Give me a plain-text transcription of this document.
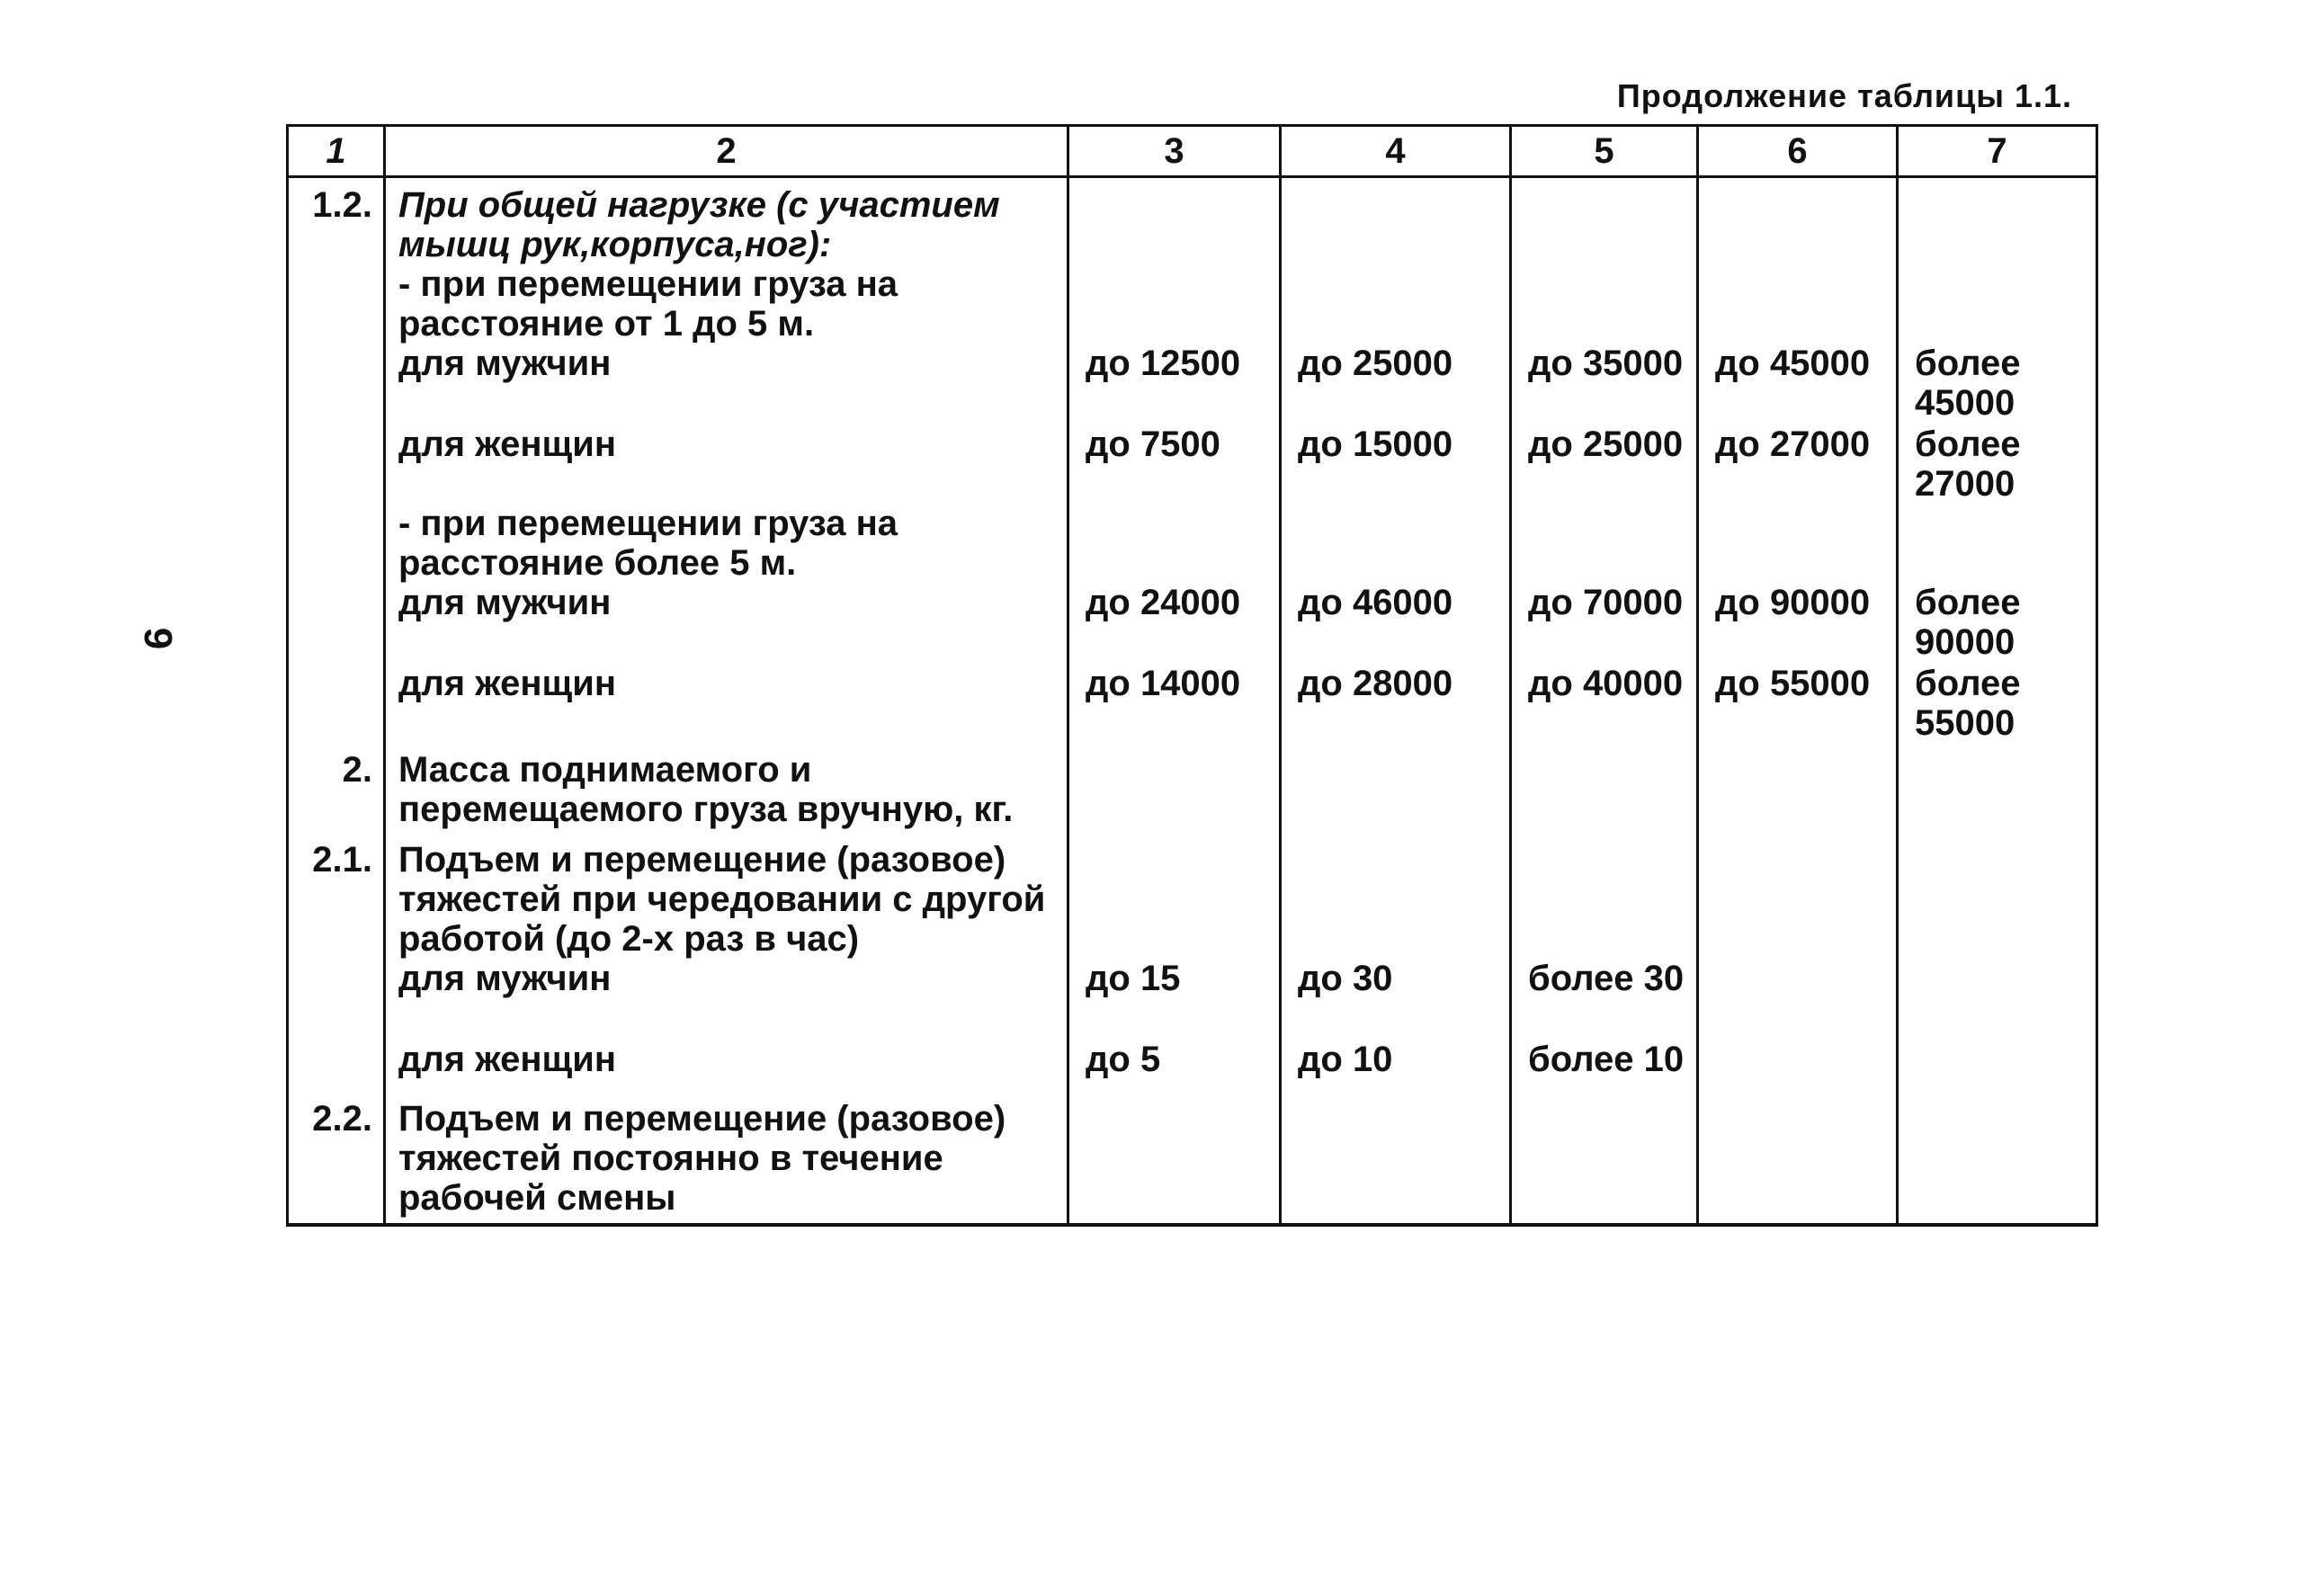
Продолжение таблицы 1.1.
9
1	2	3	4	5	6	7
1.2.	При общей нагрузке (с участием мышц рук,корпуса,ног):					
	- при перемещении груза на расстояние от 1 до 5 м.					
	для мужчин	до 12500	до 25000	до 35000	до 45000	более 45000
	для женщин	до 7500	до 15000	до 25000	до 27000	более 27000
	- при перемещении груза на расстояние более 5 м.					
	для мужчин	до 24000	до 46000	до 70000	до 90000	более 90000
	для женщин	до 14000	до 28000	до 40000	до 55000	более 55000
2.	Масса поднимаемого и перемещаемого груза вручную, кг.					
2.1.	Подъем и перемещение (разовое) тяжестей при чередовании с другой работой (до 2-х раз в час)					
	для мужчин	до 15	до 30	более 30		
	для женщин	до 5	до 10	более 10		
2.2.	Подъем и перемещение (разовое) тяжестей постоянно в течение рабочей смены					
